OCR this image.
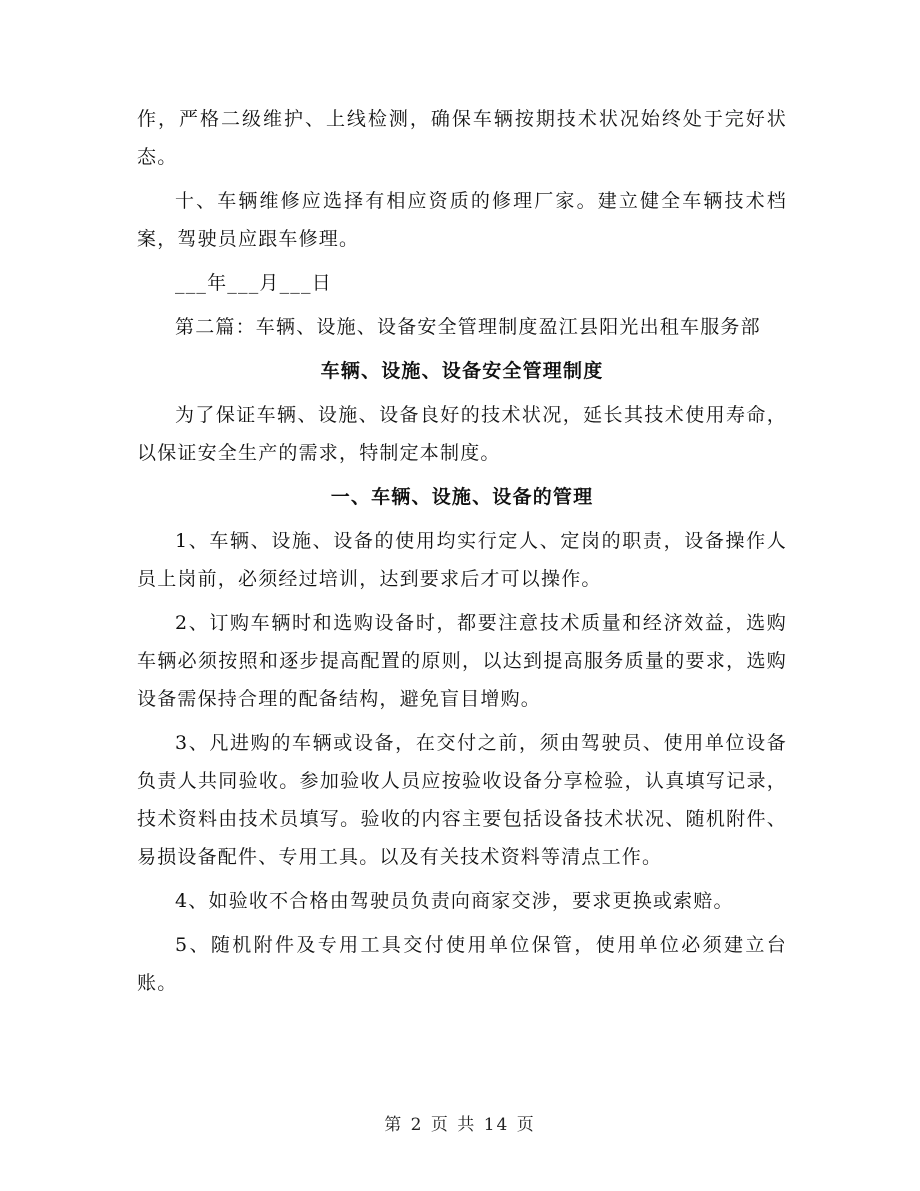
作，严格二级维护、上线检测，确保车辆按期技术状况始终处于完好状态。

十、车辆维修应选择有相应资质的修理厂家。建立健全车辆技术档案，驾驶员应跟车修理。

___年___月___日

第二篇：车辆、设施、设备安全管理制度盈江县阳光出租车服务部

车辆、设施、设备安全管理制度

为了保证车辆、设施、设备良好的技术状况，延长其技术使用寿命，以保证安全生产的需求，特制定本制度。

一、车辆、设施、设备的管理

1、车辆、设施、设备的使用均实行定人、定岗的职责，设备操作人员上岗前，必须经过培训，达到要求后才可以操作。

2、订购车辆时和选购设备时，都要注意技术质量和经济效益，选购车辆必须按照和逐步提高配置的原则，以达到提高服务质量的要求，选购设备需保持合理的配备结构，避免盲目增购。

3、凡进购的车辆或设备，在交付之前，须由驾驶员、使用单位设备负责人共同验收。参加验收人员应按验收设备分享检验，认真填写记录，技术资料由技术员填写。验收的内容主要包括设备技术状况、随机附件、易损设备配件、专用工具。以及有关技术资料等清点工作。

4、如验收不合格由驾驶员负责向商家交涉，要求更换或索赔。

5、随机附件及专用工具交付使用单位保管，使用单位必须建立台账。

第 2 页 共 14 页
